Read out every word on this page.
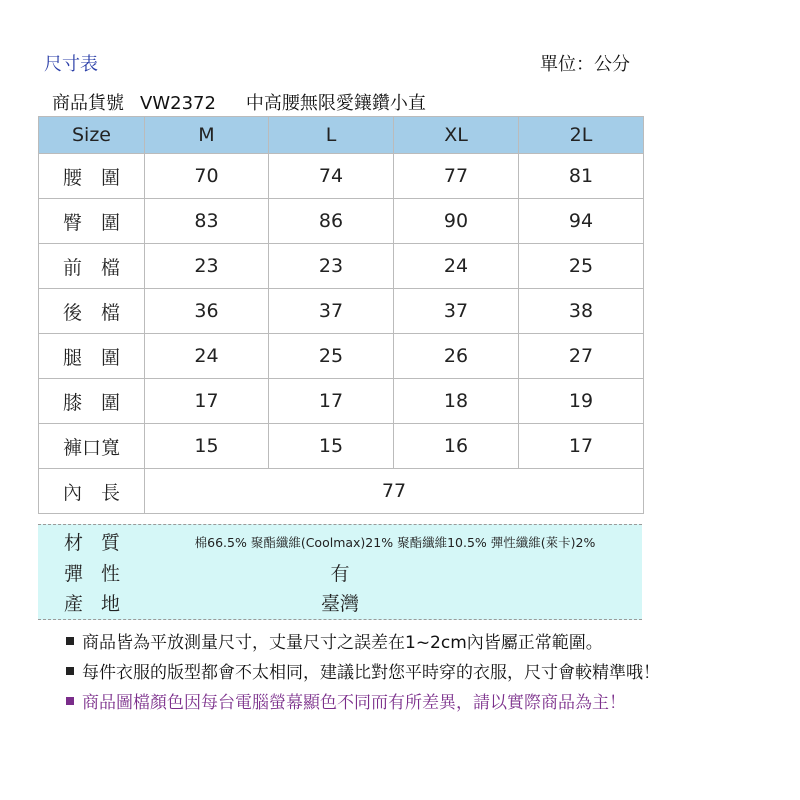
尺寸表	單位：公分
商品貨號 VW2372 中高腰無限愛鑲鑽小直
Size	M	L	XL	2L
腰　圍	70	74	77	81
臀　圍	83	86	90	94
前　檔	23	23	24	25
後　檔	36	37	37	38
腿　圍	24	25	26	27
膝　圍	17	17	18	19
褲口寬	15	15	16	17
內　長	77			
材質	棉66.5% 聚酯纖維(Coolmax)21% 聚酯纖維10.5% 彈性纖維(萊卡)2%
彈性	有
產地	臺灣
商品皆為平放測量尺寸，丈量尺寸之誤差在1~2cm內皆屬正常範圍。
每件衣服的版型都會不太相同，建議比對您平時穿的衣服，尺寸會較精準哦！
商品圖檔顏色因每台電腦螢幕顯色不同而有所差異，請以實際商品為主！
